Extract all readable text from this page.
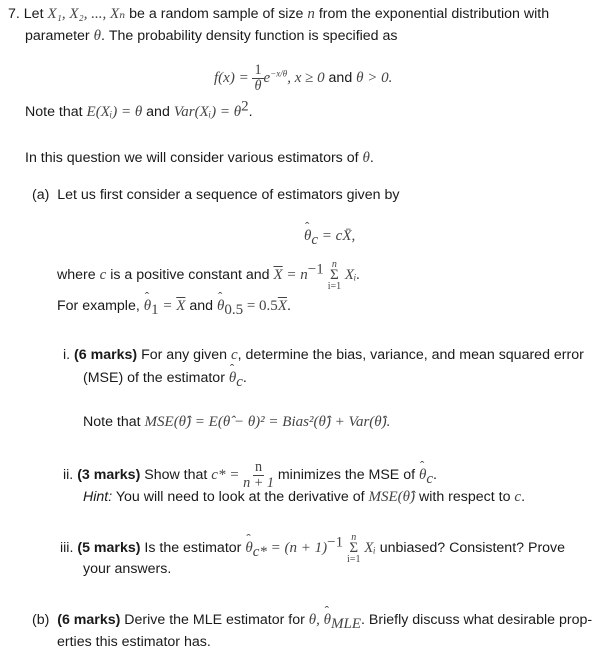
7. Let X₁, X₂, ..., Xₙ be a random sample of size n from the exponential distribution with
parameter θ. The probability density function is specified as
$f(x) = \frac{1}{\theta} e^{-x/\theta}$, x ≥ 0 and θ > 0.
Note that E(Xᵢ) = θ and Var(Xᵢ) = $\theta^2$.
In this question we will consider various estimators of θ.
(a) Let us first consider a sequence of estimators given by
ˆ $\theta_c$ = cX̄,
where c is a positive constant and $\overline{X} = n^{-1}$ n
Σ
i=1
Xᵢ.
For example, ˆ $\theta_1 = \overline{X}$ and ˆ $\theta_{0.5} = 0.5\overline{X}$.
i. (6 marks) For any given c, determine the bias, variance, and mean squared error
(MSE) of the estimator ˆ $\theta_c$.
Note that MSE(θ̂) = E(θ̂ − θ)² = Bias²(θ̂) + Var(θ̂).
ii. (3 marks) Show that $c* = \frac{n}{n + 1}$ minimizes the MSE of ˆ $\theta_c$.
Hint: You will need to look at the derivative of MSE(θ̂) with respect to c.
iii. (5 marks) Is the estimator ˆ $\theta_{c*} = (n + 1)^{-1}$ n
Σ
i=1
Xᵢ unbiased? Consistent? Prove
your answers.
(b) (6 marks) Derive the MLE estimator for θ, ˆ $\theta_{MLE}$. Briefly discuss what desirable prop-
erties this estimator has.
